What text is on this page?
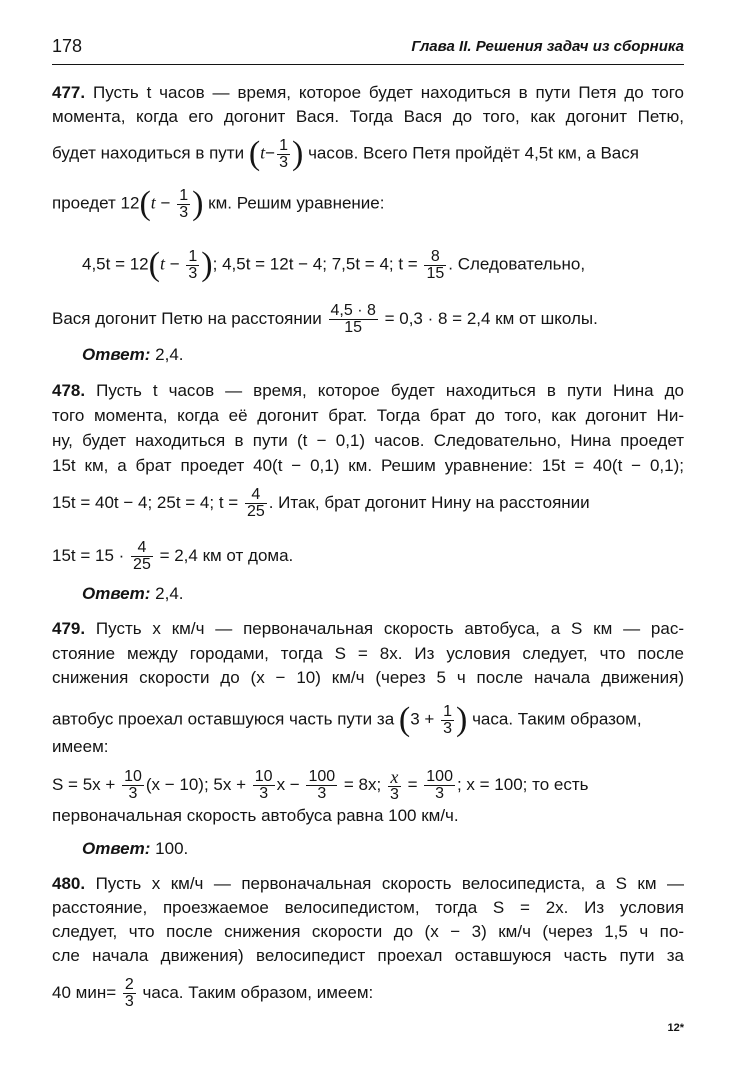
178	Глава II. Решения задач из сборника
477. Пусть t часов — время, которое будет находиться в пути Петя до того
момента, когда его догонит Вася. Тогда Вася до того, как догонит Петю,
будет находиться в пути ($t- \frac{1}{3}$ ) часов. Всего Петя пройдёт 4,5t км, а Вася
проедет $12(t - \frac{1}{3}$ ) км. Решим уравнение:
$4,5t = 12(t - \frac{1}{3}$ ); 4,5t = 12t − 4; 7,5t = 4; $t = \frac{8}{15}$ . Следовательно,
Вася догонит Петю на расстоянии $\frac{4,5 \cdot 8}{15} = 0,3 \cdot 8 = 2,4$ км от школы.
Ответ: 2,4.
478. Пусть t часов — время, которое будет находиться в пути Нина до
того момента, когда её догонит брат. Тогда брат до того, как догонит Ни-
ну, будет находиться в пути (t − 0,1) часов. Следовательно, Нина проедет
15t км, а брат проедет 40(t − 0,1) км. Решим уравнение: 15t = 40(t − 0,1);
15t = 40t − 4; 25t = 4; $t = \frac{4}{25}$ . Итак, брат догонит Нину на расстоянии
$15t = 15 \cdot \frac{4}{25} = 2,4$ км от дома.
Ответ: 2,4.
479. Пусть x км/ч — первоначальная скорость автобуса, а S км — рас-
стояние между городами, тогда S = 8x. Из условия следует, что после
снижения скорости до (x − 10) км/ч (через 5 ч после начала движения)
автобус проехал оставшуюся часть пути за ($3 + \frac{1}{3}$ ) часа. Таким образом,
имеем:
$S = 5x + \frac{10}{3} (x - 10)$; $5x + \frac{10}{3}$ $x - \frac{100}{3} = 8x$; $\frac{x}{3} = \frac{100}{3}$ ; x = 100; то есть
первоначальная скорость автобуса равна 100 км/ч.
Ответ: 100.
480. Пусть x км/ч — первоначальная скорость велосипедиста, а S км —
расстояние, проезжаемое велосипедистом, тогда S = 2x. Из условия
следует, что после снижения скорости до (x − 3) км/ч (через 1,5 ч по-
сле начала движения) велосипедист проехал оставшуюся часть пути за
40 $мин= \frac{2}{3}$ часа. Таким образом, имеем:
12*
